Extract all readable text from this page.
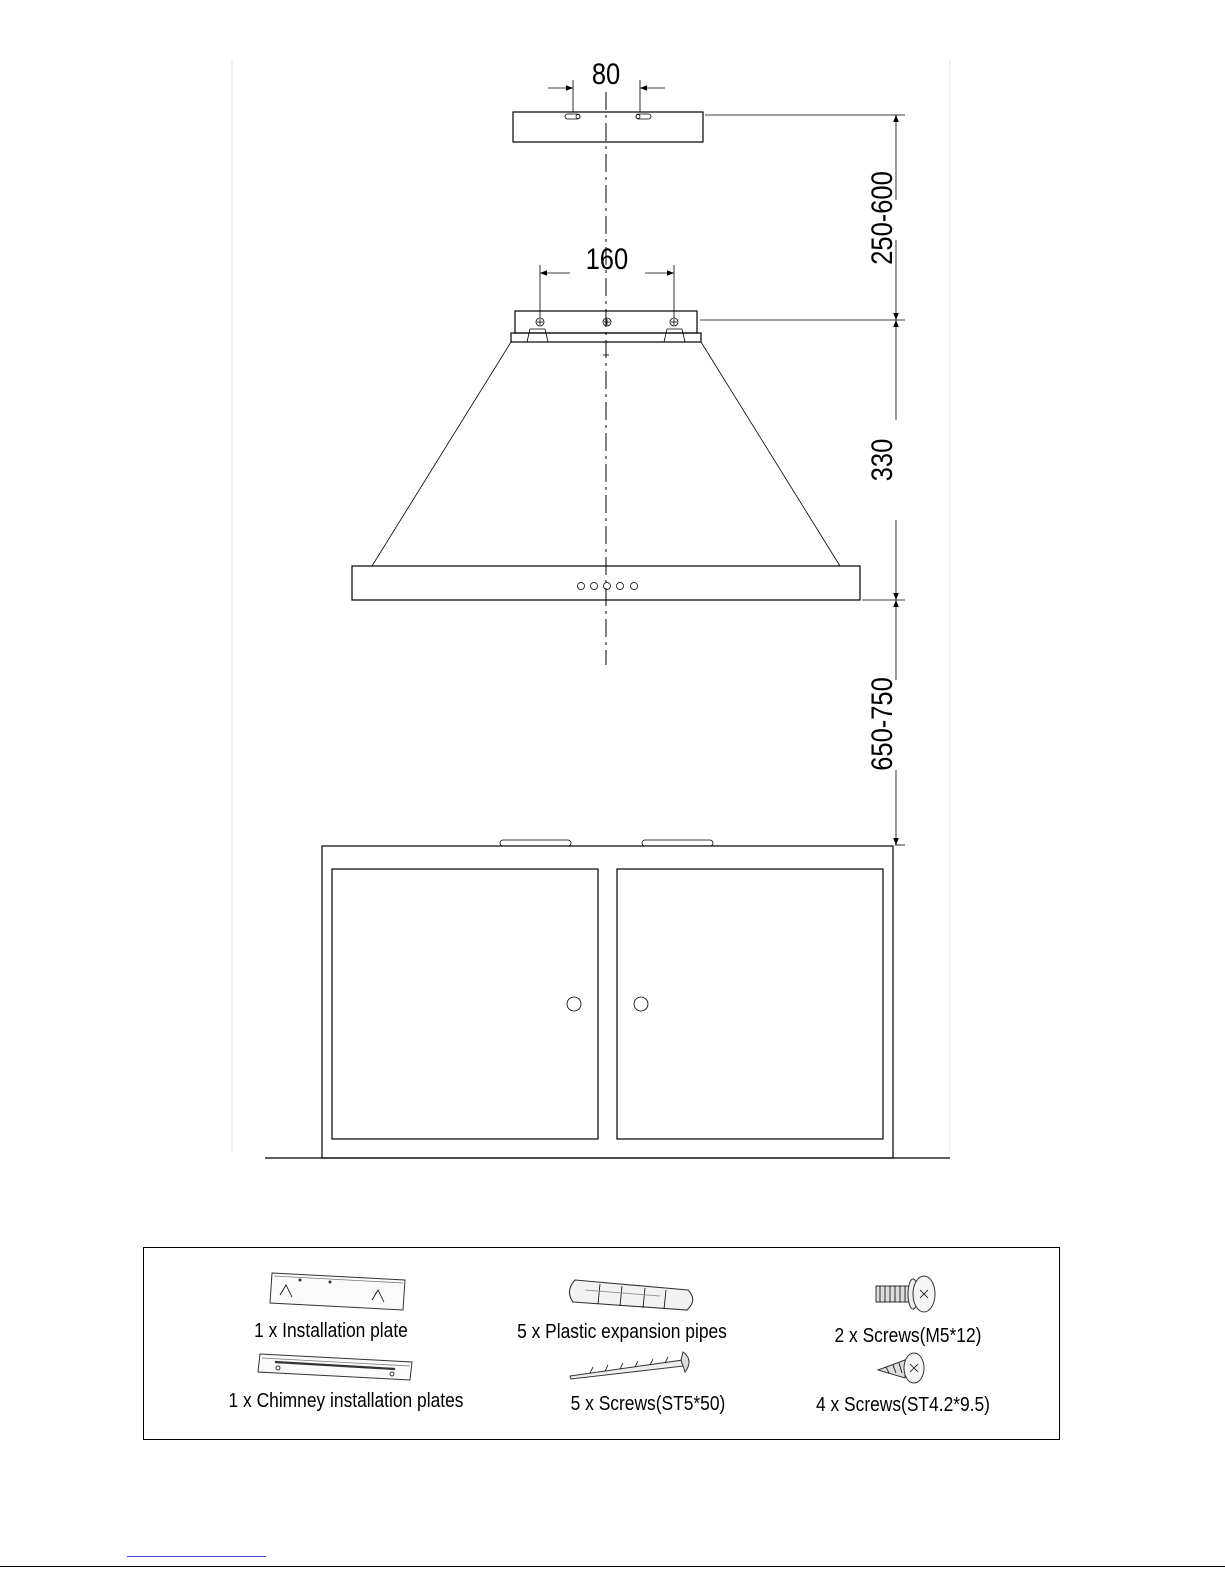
80
160	250-600
330
650-750
1 x Installation plate
1 x Chimney installation plates
5 x Plastic expansion pipes
5 x Screws(ST5*50)
2 x Screws(M5*12)
4 x Screws(ST4.2*9.5)
